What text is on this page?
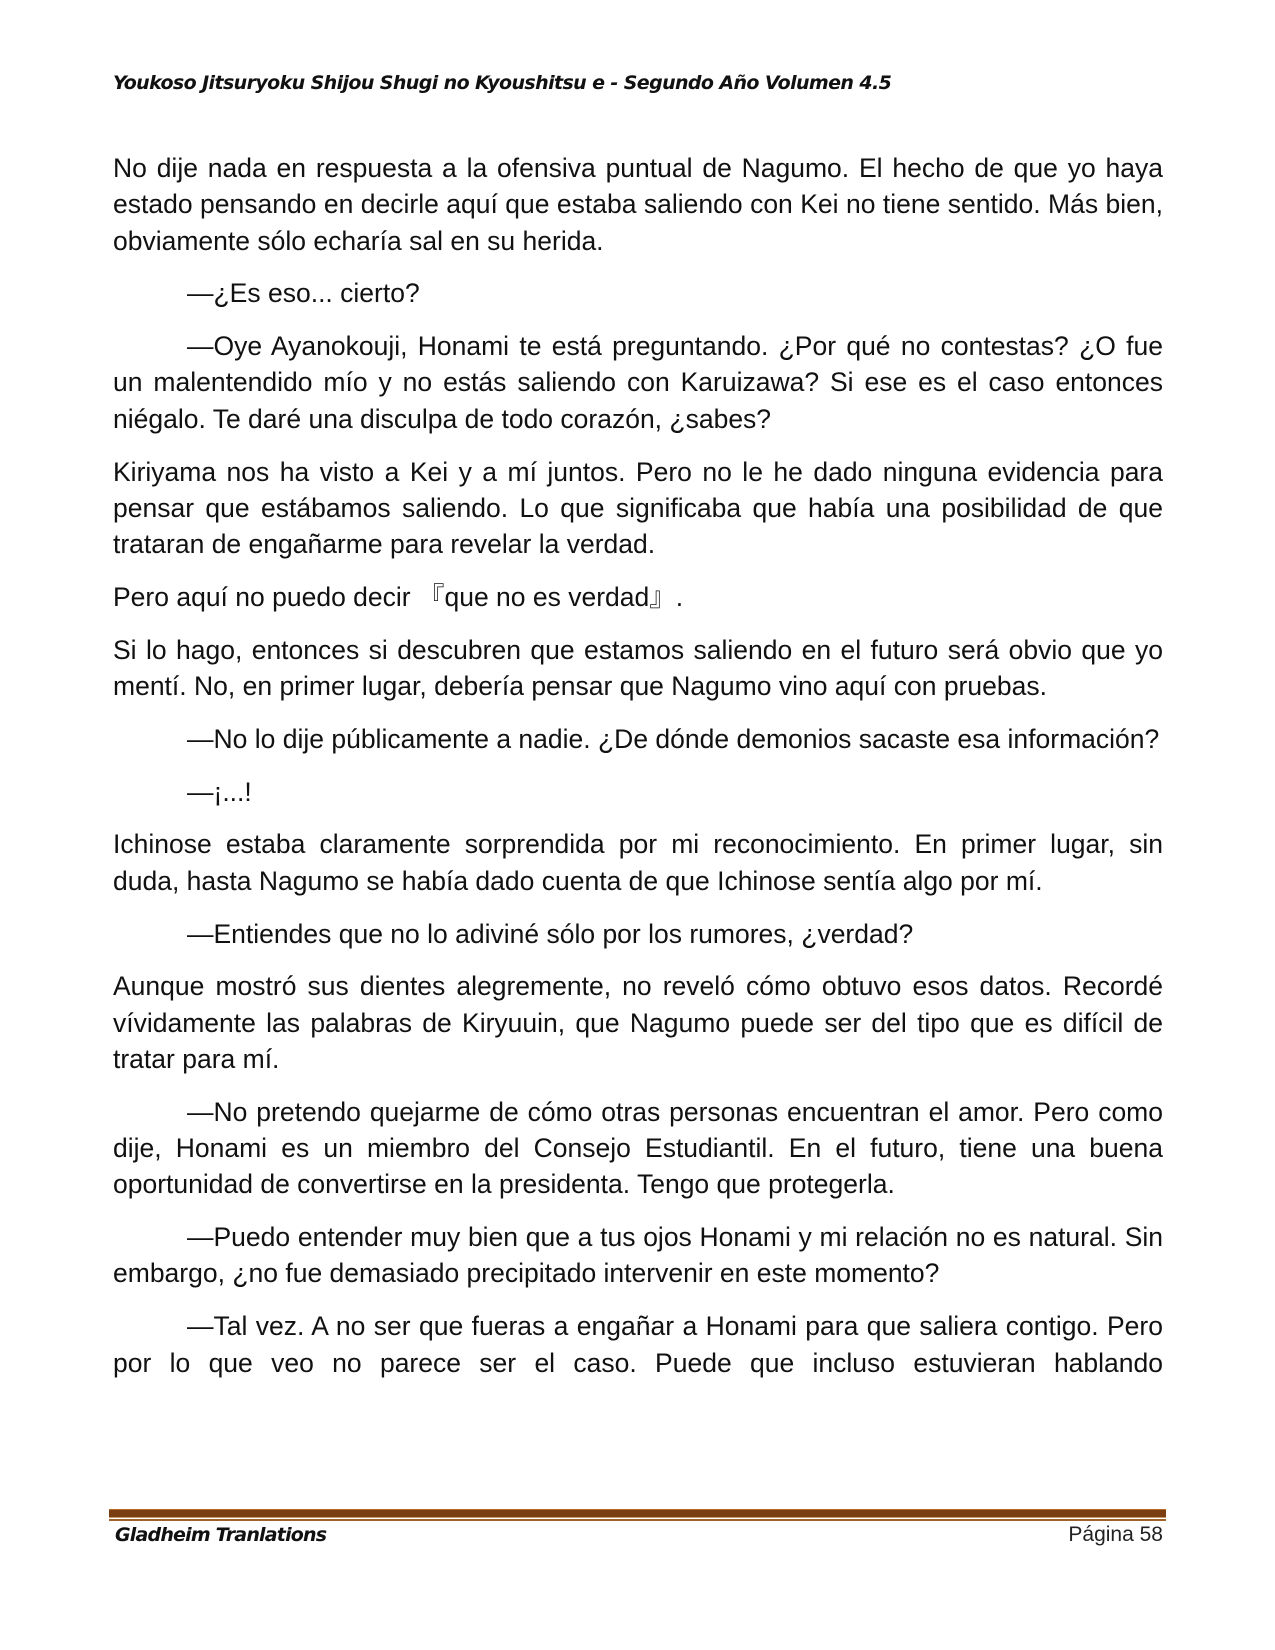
Youkoso Jitsuryoku Shijou Shugi no Kyoushitsu e - Segundo Año Volumen 4.5

No dije nada en respuesta a la ofensiva puntual de Nagumo. El hecho de que yo haya estado pensando en decirle aquí que estaba saliendo con Kei no tiene sentido. Más bien, obviamente sólo echaría sal en su herida.

—¿Es eso... cierto?

—Oye Ayanokouji, Honami te está preguntando. ¿Por qué no contestas? ¿O fue un malentendido mío y no estás saliendo con Karuizawa? Si ese es el caso entonces niégalo. Te daré una disculpa de todo corazón, ¿sabes?

Kiriyama nos ha visto a Kei y a mí juntos. Pero no le he dado ninguna evidencia para pensar que estábamos saliendo. Lo que significaba que había una posibilidad de que trataran de engañarme para revelar la verdad.

Pero aquí no puedo decir 『que no es verdad』.

Si lo hago, entonces si descubren que estamos saliendo en el futuro será obvio que yo mentí. No, en primer lugar, debería pensar que Nagumo vino aquí con pruebas.

—No lo dije públicamente a nadie. ¿De dónde demonios sacaste esa información?

—¡...!

Ichinose estaba claramente sorprendida por mi reconocimiento. En primer lugar, sin duda, hasta Nagumo se había dado cuenta de que Ichinose sentía algo por mí.

—Entiendes que no lo adiviné sólo por los rumores, ¿verdad?

Aunque mostró sus dientes alegremente, no reveló cómo obtuvo esos datos. Recordé vívidamente las palabras de Kiryuuin, que Nagumo puede ser del tipo que es difícil de tratar para mí.

—No pretendo quejarme de cómo otras personas encuentran el amor. Pero como dije, Honami es un miembro del Consejo Estudiantil. En el futuro, tiene una buena oportunidad de convertirse en la presidenta. Tengo que protegerla.

—Puedo entender muy bien que a tus ojos Honami y mi relación no es natural. Sin embargo, ¿no fue demasiado precipitado intervenir en este momento?

—Tal vez. A no ser que fueras a engañar a Honami para que saliera contigo. Pero por lo que veo no parece ser el caso. Puede que incluso estuvieran hablando

Gladheim Tranlations	Página 58
